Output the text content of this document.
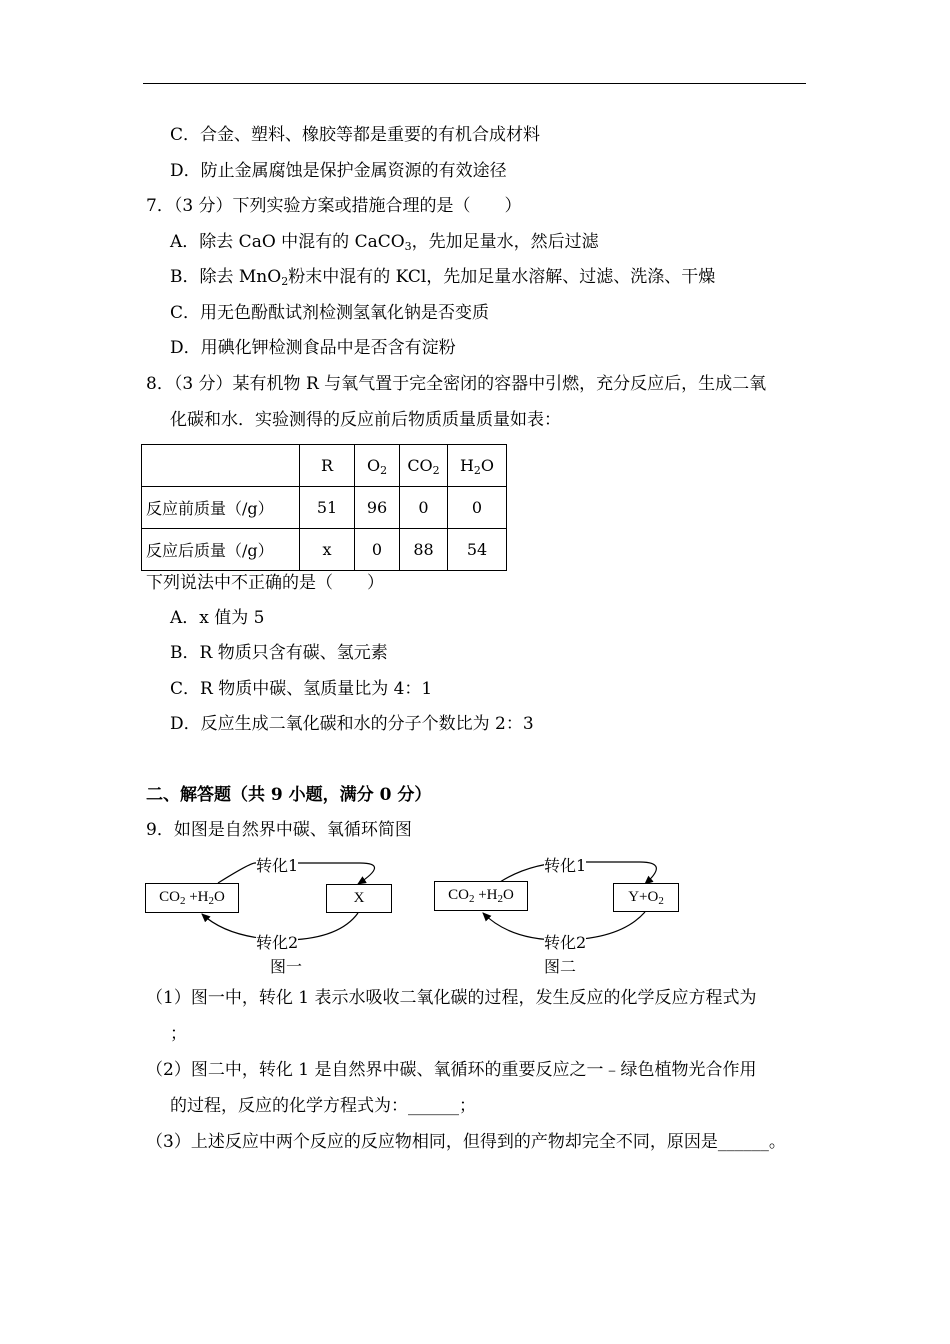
C．合金、塑料、橡胶等都是重要的有机合成材料
D．防止金属腐蚀是保护金属资源的有效途径
7．（3 分）下列实验方案或措施合理的是（　　）
A．除去 CaO 中混有的 CaCO$_3$，先加足量水，然后过滤
B．除去 MnO$_2$粉末中混有的 KCl，先加足量水溶解、过滤、洗涤、干燥
C．用无色酚酞试剂检测氢氧化钠是否变质
D．用碘化钾检测食品中是否含有淀粉
8．（3 分）某有机物 R 与氧气置于完全密闭的容器中引燃，充分反应后，生成二氧
化碳和水．实验测得的反应前后物质质量质量如表：
	R	$O_2$	$CO_2$	$H_2O$
反应前质量（/g）	51	96	0	0
反应后质量（/g）	x	0	88	54
下列说法中不正确的是（　　）
A．x 值为 5
B．R 物质只含有碳、氢元素
C．R 物质中碳、氢质量比为 4：1
D．反应生成二氧化碳和水的分子个数比为 2：3
二、解答题（共 9 小题，满分 0 分）
9．如图是自然界中碳、氧循环简图
$CO_2 +H_2O$	X
转化1
转化2
图一
$CO_2 +H_2O$	$Y+O_2$
转化1
转化2
图二
（1）图一中，转化 1 表示水吸收二氧化碳的过程，发生反应的化学反应方程式为
；
（2）图二中，转化 1 是自然界中碳、氧循环的重要反应之一﹣绿色植物光合作用
的过程，反应的化学方程式为：______；
（3）上述反应中两个反应的反应物相同，但得到的产物却完全不同，原因是______。
